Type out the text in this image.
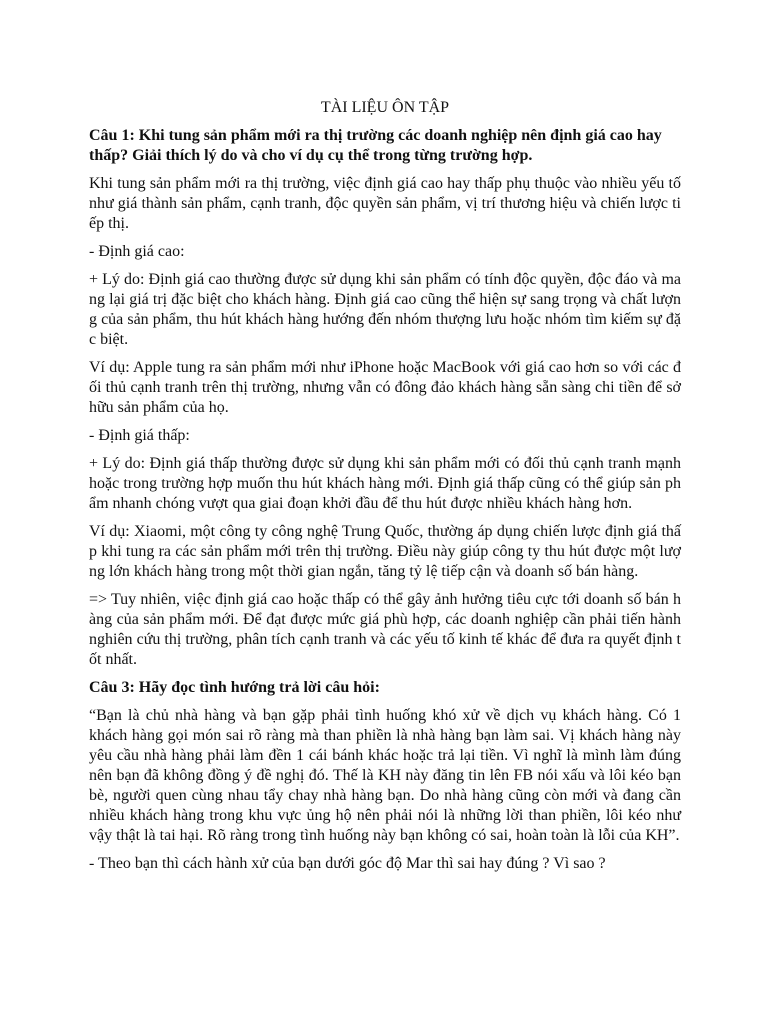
TÀI LIỆU ÔN TẬP
Câu 1: Khi tung sản phẩm mới ra thị trường các doanh nghiệp nên định giá cao hay thấp? Giải thích lý do và cho ví dụ cụ thể trong từng trường hợp.
Khi tung sản phẩm mới ra thị trường, việc định giá cao hay thấp phụ thuộc vào nhiều yếu tố như giá thành sản phẩm, cạnh tranh, độc quyền sản phẩm, vị trí thương hiệu và chiến lược tiếp thị.
- Định giá cao:
+ Lý do: Định giá cao thường được sử dụng khi sản phẩm có tính độc quyền, độc đáo và mang lại giá trị đặc biệt cho khách hàng. Định giá cao cũng thể hiện sự sang trọng và chất lượng của sản phẩm, thu hút khách hàng hướng đến nhóm thượng lưu hoặc nhóm tìm kiếm sự đặc biệt.
Ví dụ: Apple tung ra sản phẩm mới như iPhone hoặc MacBook với giá cao hơn so với các đối thủ cạnh tranh trên thị trường, nhưng vẫn có đông đảo khách hàng sẵn sàng chi tiền để sở hữu sản phẩm của họ.
- Định giá thấp:
+ Lý do: Định giá thấp thường được sử dụng khi sản phẩm mới có đối thủ cạnh tranh mạnh hoặc trong trường hợp muốn thu hút khách hàng mới. Định giá thấp cũng có thể giúp sản phẩm nhanh chóng vượt qua giai đoạn khởi đầu để thu hút được nhiều khách hàng hơn.
Ví dụ: Xiaomi, một công ty công nghệ Trung Quốc, thường áp dụng chiến lược định giá thấp khi tung ra các sản phẩm mới trên thị trường. Điều này giúp công ty thu hút được một lượng lớn khách hàng trong một thời gian ngắn, tăng tỷ lệ tiếp cận và doanh số bán hàng.
=> Tuy nhiên, việc định giá cao hoặc thấp có thể gây ảnh hưởng tiêu cực tới doanh số bán hàng của sản phẩm mới. Để đạt được mức giá phù hợp, các doanh nghiệp cần phải tiến hành nghiên cứu thị trường, phân tích cạnh tranh và các yếu tố kinh tế khác để đưa ra quyết định tốt nhất.
Câu 3: Hãy đọc tình hướng trả lời câu hỏi:
“Bạn là chủ nhà hàng và bạn gặp phải tình huống khó xử về dịch vụ khách hàng. Có 1 khách hàng gọi món sai rõ ràng mà than phiền là nhà hàng bạn làm sai. Vị khách hàng này yêu cầu nhà hàng phải làm đền 1 cái bánh khác hoặc trả lại tiền. Vì nghĩ là mình làm đúng nên bạn đã không đồng ý đề nghị đó. Thế là KH này đăng tin lên FB nói xấu và lôi kéo bạn bè, người quen cùng nhau tẩy chay nhà hàng bạn. Do nhà hàng cũng còn mới và đang cần nhiều khách hàng trong khu vực ủng hộ nên phải nói là những lời than phiền, lôi kéo như vậy thật là tai hại. Rõ ràng trong tình huống này bạn không có sai, hoàn toàn là lỗi của KH”.
- Theo bạn thì cách hành xử của bạn dưới góc độ Mar thì sai hay đúng ? Vì sao ?
